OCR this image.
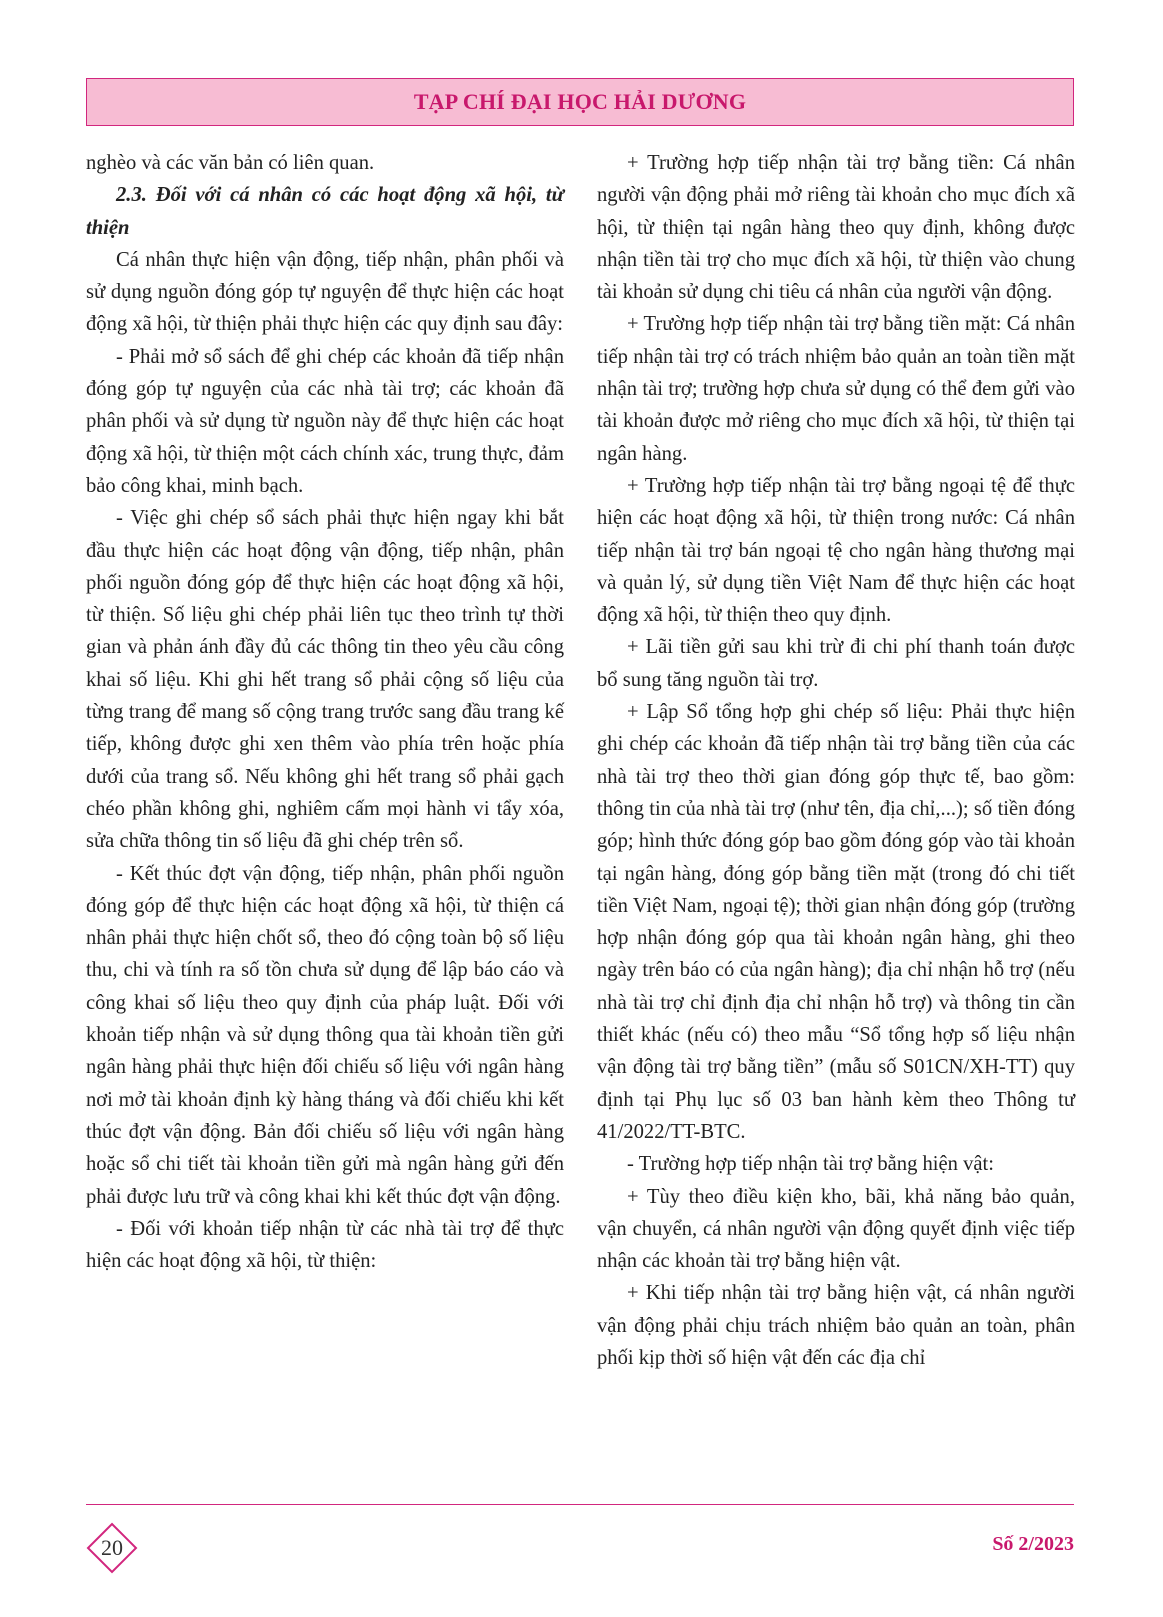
TẠP CHÍ ĐẠI HỌC HẢI DƯƠNG

nghèo và các văn bản có liên quan.

2.3. Đối với cá nhân có các hoạt động xã hội, từ thiện

Cá nhân thực hiện vận động, tiếp nhận, phân phối và sử dụng nguồn đóng góp tự nguyện để thực hiện các hoạt động xã hội, từ thiện phải thực hiện các quy định sau đây:

- Phải mở sổ sách để ghi chép các khoản đã tiếp nhận đóng góp tự nguyện của các nhà tài trợ; các khoản đã phân phối và sử dụng từ nguồn này để thực hiện các hoạt động xã hội, từ thiện một cách chính xác, trung thực, đảm bảo công khai, minh bạch.

- Việc ghi chép sổ sách phải thực hiện ngay khi bắt đầu thực hiện các hoạt động vận động, tiếp nhận, phân phối nguồn đóng góp để thực hiện các hoạt động xã hội, từ thiện. Số liệu ghi chép phải liên tục theo trình tự thời gian và phản ánh đầy đủ các thông tin theo yêu cầu công khai số liệu. Khi ghi hết trang sổ phải cộng số liệu của từng trang để mang số cộng trang trước sang đầu trang kế tiếp, không được ghi xen thêm vào phía trên hoặc phía dưới của trang sổ. Nếu không ghi hết trang sổ phải gạch chéo phần không ghi, nghiêm cấm mọi hành vi tẩy xóa, sửa chữa thông tin số liệu đã ghi chép trên sổ.

- Kết thúc đợt vận động, tiếp nhận, phân phối nguồn đóng góp để thực hiện các hoạt động xã hội, từ thiện cá nhân phải thực hiện chốt sổ, theo đó cộng toàn bộ số liệu thu, chi và tính ra số tồn chưa sử dụng để lập báo cáo và công khai số liệu theo quy định của pháp luật. Đối với khoản tiếp nhận và sử dụng thông qua tài khoản tiền gửi ngân hàng phải thực hiện đối chiếu số liệu với ngân hàng nơi mở tài khoản định kỳ hàng tháng và đối chiếu khi kết thúc đợt vận động. Bản đối chiếu số liệu với ngân hàng hoặc sổ chi tiết tài khoản tiền gửi mà ngân hàng gửi đến phải được lưu trữ và công khai khi kết thúc đợt vận động.

- Đối với khoản tiếp nhận từ các nhà tài trợ để thực hiện các hoạt động xã hội, từ thiện:

+ Trường hợp tiếp nhận tài trợ bằng tiền: Cá nhân người vận động phải mở riêng tài khoản cho mục đích xã hội, từ thiện tại ngân hàng theo quy định, không được nhận tiền tài trợ cho mục đích xã hội, từ thiện vào chung tài khoản sử dụng chi tiêu cá nhân của người vận động.

+ Trường hợp tiếp nhận tài trợ bằng tiền mặt: Cá nhân tiếp nhận tài trợ có trách nhiệm bảo quản an toàn tiền mặt nhận tài trợ; trường hợp chưa sử dụng có thể đem gửi vào tài khoản được mở riêng cho mục đích xã hội, từ thiện tại ngân hàng.

+ Trường hợp tiếp nhận tài trợ bằng ngoại tệ để thực hiện các hoạt động xã hội, từ thiện trong nước: Cá nhân tiếp nhận tài trợ bán ngoại tệ cho ngân hàng thương mại và quản lý, sử dụng tiền Việt Nam để thực hiện các hoạt động xã hội, từ thiện theo quy định.

+ Lãi tiền gửi sau khi trừ đi chi phí thanh toán được bổ sung tăng nguồn tài trợ.

+ Lập Sổ tổng hợp ghi chép số liệu: Phải thực hiện ghi chép các khoản đã tiếp nhận tài trợ bằng tiền của các nhà tài trợ theo thời gian đóng góp thực tế, bao gồm: thông tin của nhà tài trợ (như tên, địa chỉ,...); số tiền đóng góp; hình thức đóng góp bao gồm đóng góp vào tài khoản tại ngân hàng, đóng góp bằng tiền mặt (trong đó chi tiết tiền Việt Nam, ngoại tệ); thời gian nhận đóng góp (trường hợp nhận đóng góp qua tài khoản ngân hàng, ghi theo ngày trên báo có của ngân hàng); địa chỉ nhận hỗ trợ (nếu nhà tài trợ chỉ định địa chỉ nhận hỗ trợ) và thông tin cần thiết khác (nếu có) theo mẫu “Sổ tổng hợp số liệu nhận vận động tài trợ bằng tiền” (mẫu số S01CN/XH-TT) quy định tại Phụ lục số 03 ban hành kèm theo Thông tư 41/2022/TT-BTC.

- Trường hợp tiếp nhận tài trợ bằng hiện vật:

+ Tùy theo điều kiện kho, bãi, khả năng bảo quản, vận chuyển, cá nhân người vận động quyết định việc tiếp nhận các khoản tài trợ bằng hiện vật.

+ Khi tiếp nhận tài trợ bằng hiện vật, cá nhân người vận động phải chịu trách nhiệm bảo quản an toàn, phân phối kịp thời số hiện vật đến các địa chỉ

20	Số 2/2023
